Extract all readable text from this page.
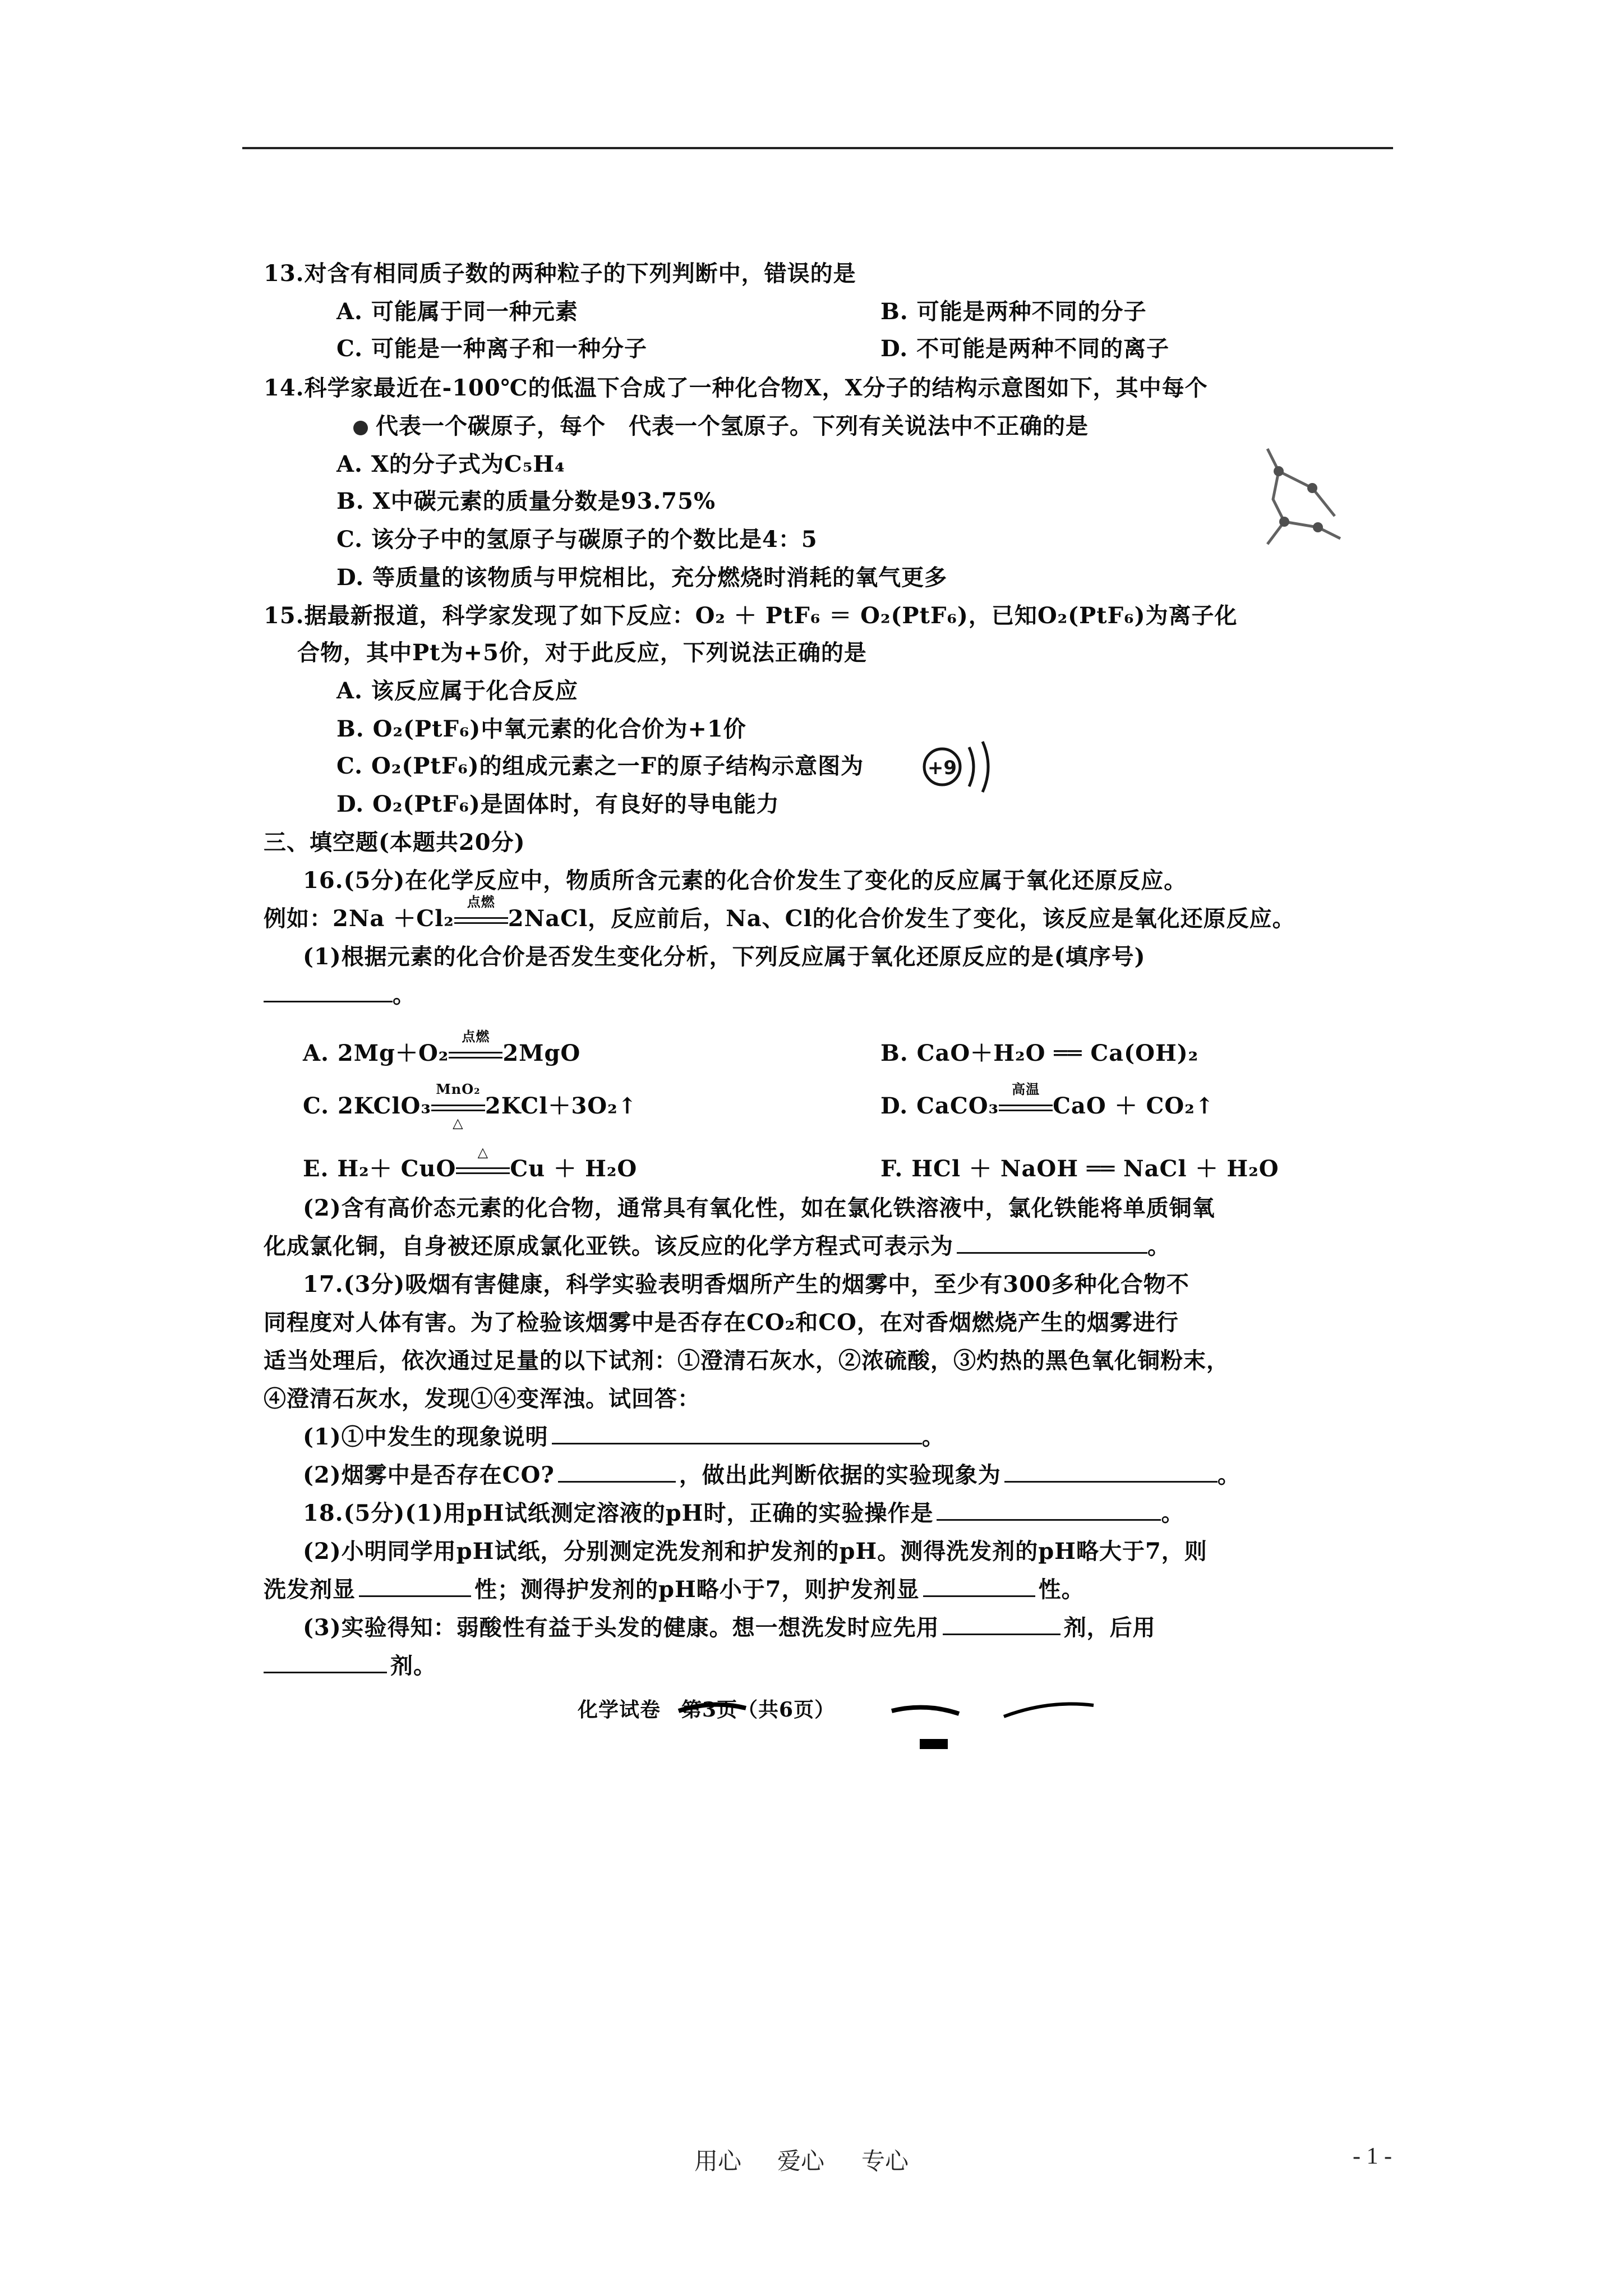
13.对含有相同质子数的两种粒子的下列判断中，错误的是
A. 可能属于同一种元素	B. 可能是两种不同的分子
C. 可能是一种离子和一种分子	D. 不可能是两种不同的离子
14.科学家最近在-100℃的低温下合成了一种化合物X，X分子的结构示意图如下，其中每个
代表一个碳原子，每个　代表一个氢原子。下列有关说法中不正确的是
A. X的分子式为C₅H₄
B. X中碳元素的质量分数是93.75%
C. 该分子中的氢原子与碳原子的个数比是4：5
D. 等质量的该物质与甲烷相比，充分燃烧时消耗的氧气更多
15.据最新报道，科学家发现了如下反应：O₂ ＋ PtF₆ ＝ O₂(PtF₆)，已知O₂(PtF₆)为离子化
合物，其中Pt为+5价，对于此反应，下列说法正确的是
A. 该反应属于化合反应
B. O₂(PtF₆)中氧元素的化合价为+1价
C. O₂(PtF₆)的组成元素之一F的原子结构示意图为	+9
D. O₂(PtF₆)是固体时，有良好的导电能力
三、填空题(本题共20分)
16.(5分)在化学反应中，物质所含元素的化合价发生了变化的反应属于氧化还原反应。
例如：2Na ＋Cl₂
点燃
2NaCl，反应前后，Na、Cl的化合价发生了变化，该反应是氧化还原反应。
(1)根据元素的化合价是否发生变化分析，下列反应属于氧化还原反应的是(填序号)
。
A. 2Mg＋O₂
点燃
2MgO	B. CaO＋H₂O ══ Ca(OH)₂
C. 2KClO₃
MnO₂
△
2KCl＋3O₂↑	D. CaCO₃
高温
CaO ＋ CO₂↑
E. H₂＋ CuO
△
Cu ＋ H₂O	F. HCl ＋ NaOH ══ NaCl ＋ H₂O
(2)含有高价态元素的化合物，通常具有氧化性，如在氯化铁溶液中，氯化铁能将单质铜氧
化成氯化铜，自身被还原成氯化亚铁。该反应的化学方程式可表示为	。
17.(3分)吸烟有害健康，科学实验表明香烟所产生的烟雾中，至少有300多种化合物不
同程度对人体有害。为了检验该烟雾中是否存在CO₂和CO，在对香烟燃烧产生的烟雾进行
适当处理后，依次通过足量的以下试剂：①澄清石灰水，②浓硫酸，③灼热的黑色氧化铜粉末，
④澄清石灰水，发现①④变浑浊。试回答：
(1)①中发生的现象说明	。
(2)烟雾中是否存在CO?	，做出此判断依据的实验现象为	。
18.(5分)(1)用pH试纸测定溶液的pH时，正确的实验操作是	。
(2)小明同学用pH试纸，分别测定洗发剂和护发剂的pH。测得洗发剂的pH略大于7，则
洗发剂显	性；测得护发剂的pH略小于7，则护发剂显	性。
(3)实验得知：弱酸性有益于头发的健康。想一想洗发时应先用	剂，后用
剂。
化学试卷　第3页（共6页）
用心 爱心 专心	- 1 -
